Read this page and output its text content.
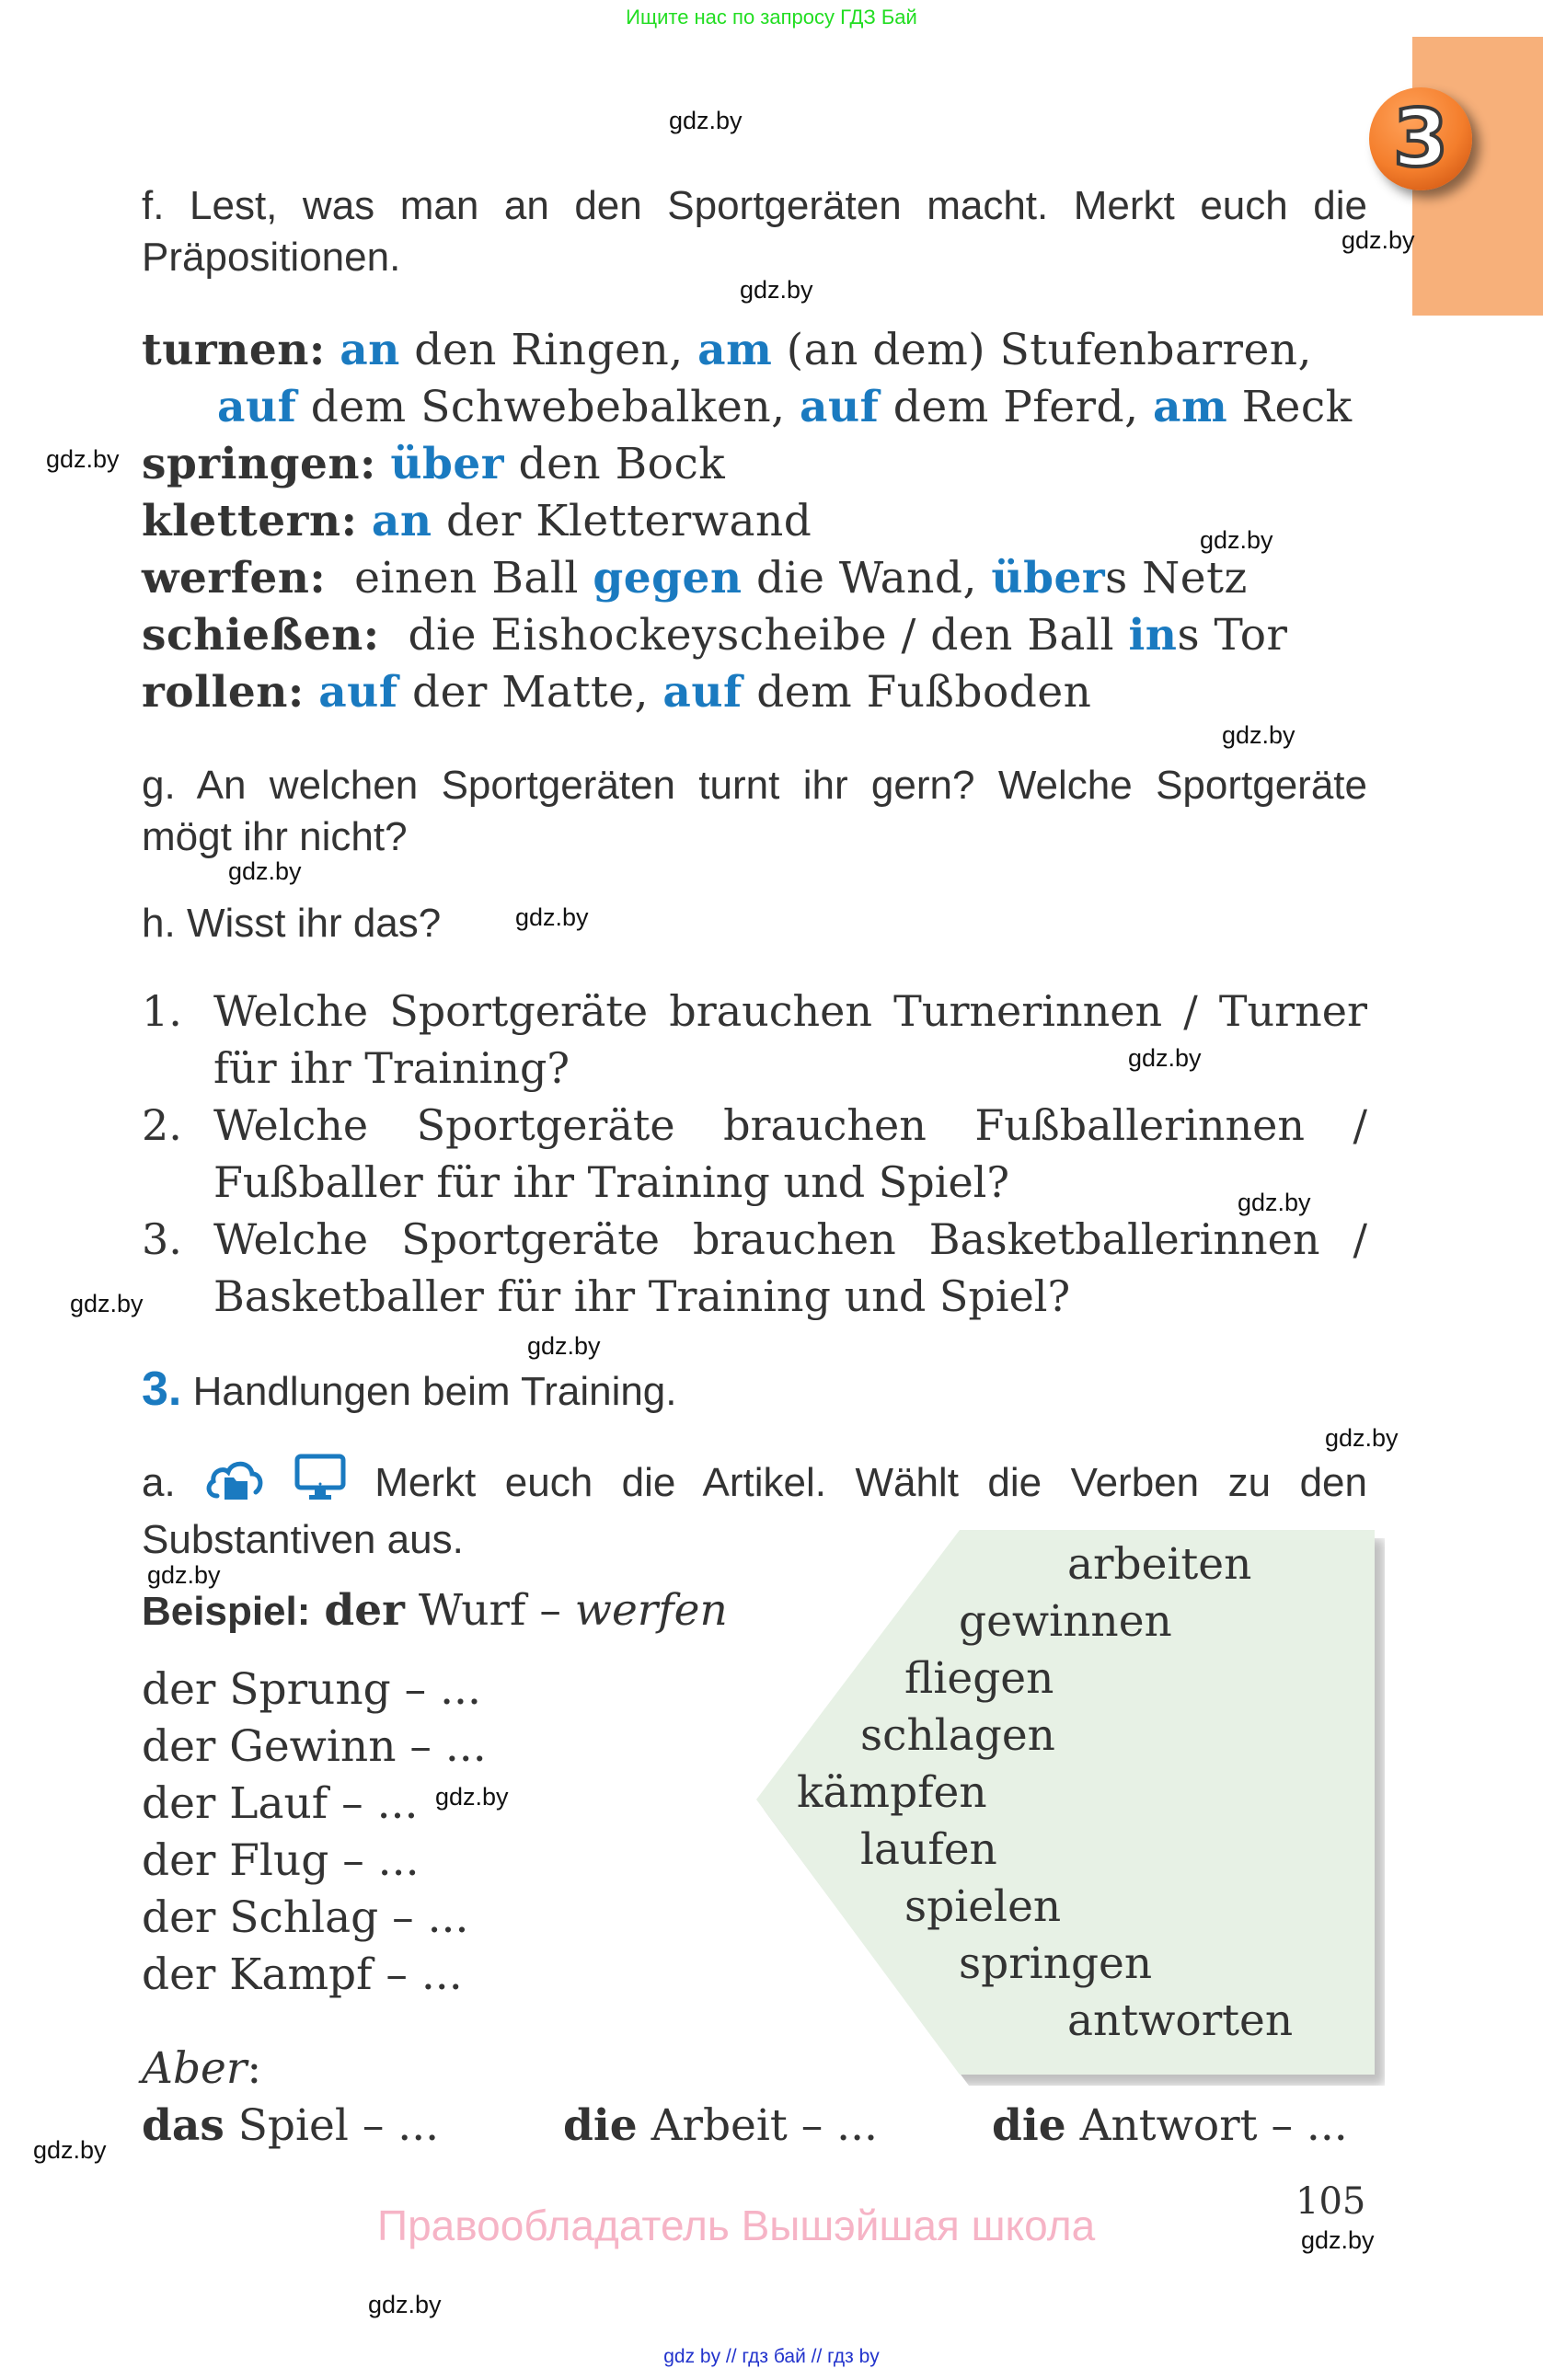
Ищите нас по запросу ГДЗ Бай
3
gdz.by
gdz.by
gdz.by
gdz.by
gdz.by
gdz.by
gdz.by
gdz.by
gdz.by
gdz.by
gdz.by
gdz.by
gdz.by
gdz.by
gdz.by
gdz.by
gdz.by
gdz.by
f. Lest, was man an den Sportgeräten macht. Merkt euch die Präpositionen.
turnen: an den Ringen, am (an dem) Stufenbarren,
auf dem Schwebebalken, auf dem Pferd, am Reck
springen: über den Bock
klettern: an der Kletterwand
werfen:  einen Ball gegen die Wand, übers Netz
schießen:  die Eishockeyscheibe / den Ball ins Tor
rollen: auf der Matte, auf dem Fußboden
g. An welchen Sportgeräten turnt ihr gern? Welche Sportgeräte mögt ihr nicht?
h. Wisst ihr das?
1. Welche Sportgeräte brauchen Turnerinnen / Turner für ihr Training?
2. Welche Sportgeräte brauchen Fußballerinnen / Fußballer für ihr Training und Spiel?
3. Welche Sportgeräte brauchen Basketballerinnen / Basketballer für ihr Training und Spiel?
3. Handlungen beim Training.
a.	Merkt euch die Artikel. Wählt die Verben zu den Substantiven aus.
Beispiel: der Wurf – werfen
der Sprung – ...
der Gewinn – ...
der Lauf – ...
der Flug – ...
der Schlag – ...
der Kampf – ...
arbeiten
gewinnen
fliegen
schlagen
kämpfen
laufen
spielen
springen
antworten
Aber:
das Spiel – ...	die Arbeit – ...	die Antwort – ...
Правообладатель Вышэйшая школа	105
gdz by // гдз бай // гдз by
